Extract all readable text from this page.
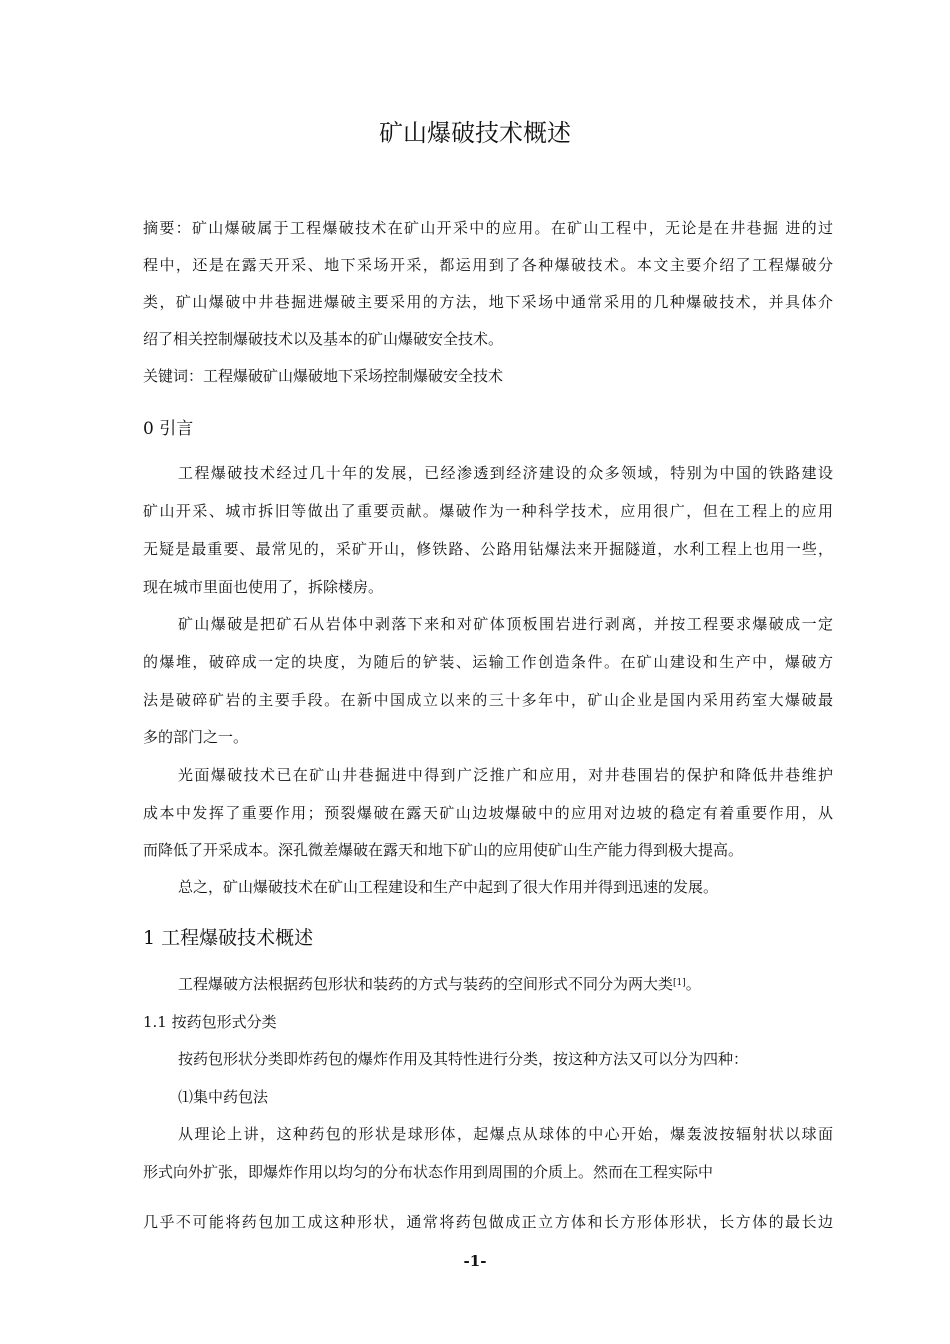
矿山爆破技术概述
摘要：矿山爆破属于工程爆破技术在矿山开采中的应用。在矿山工程中，无论是在井巷掘 进的过
程中，还是在露天开采、地下采场开采，都运用到了各种爆破技术。本文主要介绍了工程爆破分
类，矿山爆破中井巷掘进爆破主要采用的方法，地下采场中通常采用的几种爆破技术，并具体介
绍了相关控制爆破技术以及基本的矿山爆破安全技术。
关键词：工程爆破矿山爆破地下采场控制爆破安全技术
0 引言
工程爆破技术经过几十年的发展，已经渗透到经济建设的众多领域，特别为中国的铁路建设
矿山开采、城市拆旧等做出了重要贡献。爆破作为一种科学技术，应用很广，但在工程上的应用
无疑是最重要、最常见的，采矿开山，修铁路、公路用钻爆法来开掘隧道，水利工程上也用一些，
现在城市里面也使用了，拆除楼房。
矿山爆破是把矿石从岩体中剥落下来和对矿体顶板围岩进行剥离，并按工程要求爆破成一定
的爆堆，破碎成一定的块度，为随后的铲装、运输工作创造条件。在矿山建设和生产中，爆破方
法是破碎矿岩的主要手段。在新中国成立以来的三十多年中，矿山企业是国内采用药室大爆破最
多的部门之一。
光面爆破技术已在矿山井巷掘进中得到广泛推广和应用，对井巷围岩的保护和降低井巷维护
成本中发挥了重要作用；预裂爆破在露天矿山边坡爆破中的应用对边坡的稳定有着重要作用，从
而降低了开采成本。深孔微差爆破在露天和地下矿山的应用使矿山生产能力得到极大提高。
总之，矿山爆破技术在矿山工程建设和生产中起到了很大作用并得到迅速的发展。
1 工程爆破技术概述
工程爆破方法根据药包形状和装药的方式与装药的空间形式不同分为两大类[1]。
1.1 按药包形式分类
按药包形状分类即炸药包的爆炸作用及其特性进行分类，按这种方法又可以分为四种：
⑴集中药包法
从理论上讲，这种药包的形状是球形体，起爆点从球体的中心开始，爆轰波按辐射状以球面
形式向外扩张，即爆炸作用以均匀的分布状态作用到周围的介质上。然而在工程实际中
几乎不可能将药包加工成这种形状，通常将药包做成正立方体和长方形体形状，长方体的最长边
-1-
